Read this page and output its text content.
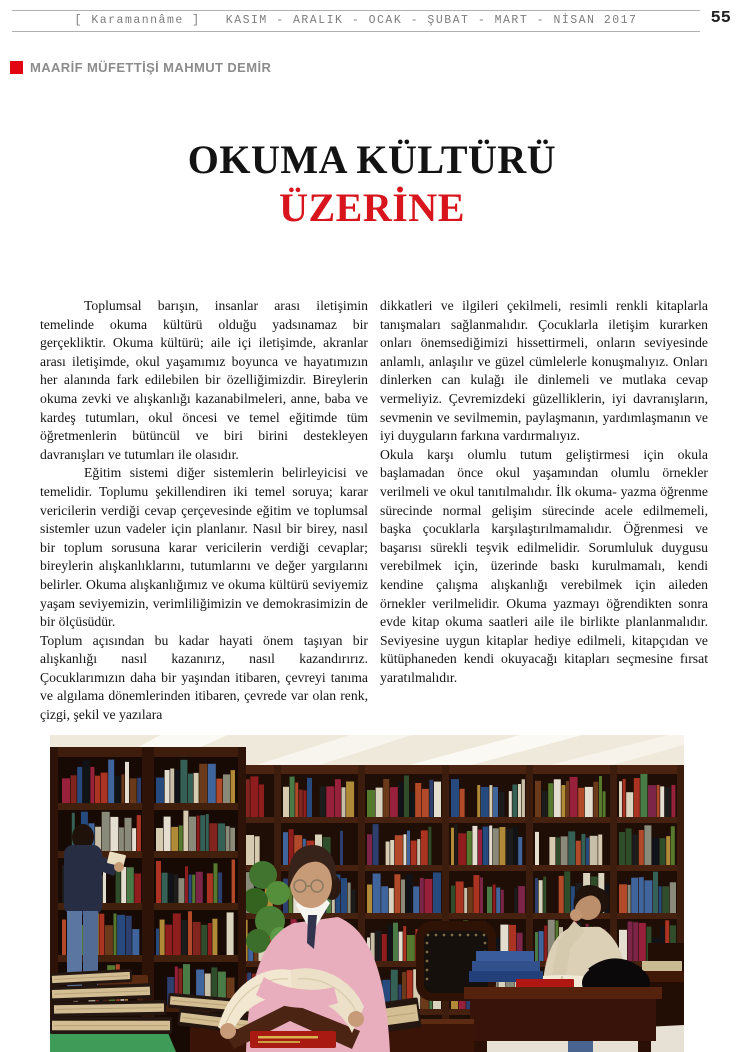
[ Karamannâme ] KASIM - ARALIK - OCAK - ŞUBAT - MART - NİSAN 2017	55
MAARİF MÜFETTİŞİ MAHMUT DEMİR
OKUMA KÜLTÜRÜ
ÜZERİNE

Toplumsal barışın, insanlar arası iletişimin temelinde okuma kültürü olduğu yadsınamaz bir gerçekliktir. Okuma kültürü; aile içi iletişimde, akranlar arası iletişimde, okul yaşamımız boyunca ve hayatımızın her alanında fark edilebilen bir özelliğimizdir. Bireylerin okuma zevki ve alışkanlığı kazanabilmeleri, anne, baba ve kardeş tutumları, okul öncesi ve temel eğitimde tüm öğretmenlerin bütüncül ve biri birini destekleyen davranışları ve tutumları ile olasıdır.

Eğitim sistemi diğer sistemlerin belirleyicisi ve temelidir. Toplumu şekillendiren iki temel soruya; karar vericilerin verdiği cevap çerçevesinde eğitim ve toplumsal sistemler uzun vadeler için planlanır. Nasıl bir birey, nasıl bir toplum sorusuna karar vericilerin verdiği cevaplar; bireylerin alışkanlıklarını, tutumlarını ve değer yargılarını belirler. Okuma alışkanlığımız ve okuma kültürü seviyemiz yaşam seviyemizin, verimliliğimizin ve demokrasimizin de bir ölçüsüdür.

Toplum açısından bu kadar hayati önem taşıyan bir alışkanlığı nasıl kazanırız, nasıl kazandırırız. Çocuklarımızın daha bir yaşından itibaren, çevreyi tanıma ve algılama dönemlerinden itibaren, çevrede var olan renk, çizgi, şekil ve yazılara

dikkatleri ve ilgileri çekilmeli, resimli renkli kitaplarla tanışmaları sağlanmalıdır. Çocuklarla iletişim kurarken onları önemsediğimizi hissettirmeli, onların seviyesinde anlamlı, anlaşılır ve güzel cümlelerle konuşmalıyız. Onları dinlerken can kulağı ile dinlemeli ve mutlaka cevap vermeliyiz. Çevremizdeki güzelliklerin, iyi davranışların, sevmenin ve sevilmemin, paylaşmanın, yardımlaşmanın ve iyi duyguların farkına vardırmalıyız.

Okula karşı olumlu tutum geliştirmesi için okula başlamadan önce okul yaşamından olumlu örnekler verilmeli ve okul tanıtılmalıdır. İlk okuma- yazma öğrenme sürecinde normal gelişim sürecinde acele edilmemeli, başka çocuklarla karşılaştırılmamalıdır. Öğrenmesi ve başarısı sürekli teşvik edilmelidir. Sorumluluk duygusu verebilmek için, üzerinde baskı kurulmamalı, kendi kendine çalışma alışkanlığı verebilmek için aileden örnekler verilmelidir. Okuma yazmayı öğrendikten sonra evde kitap okuma saatleri aile ile birlikte planlanmalıdır. Seviyesine uygun kitaplar hediye edilmeli, kitapçıdan ve kütüphaneden kendi okuyacağı kitapları seçmesine fırsat yaratılmalıdır.
